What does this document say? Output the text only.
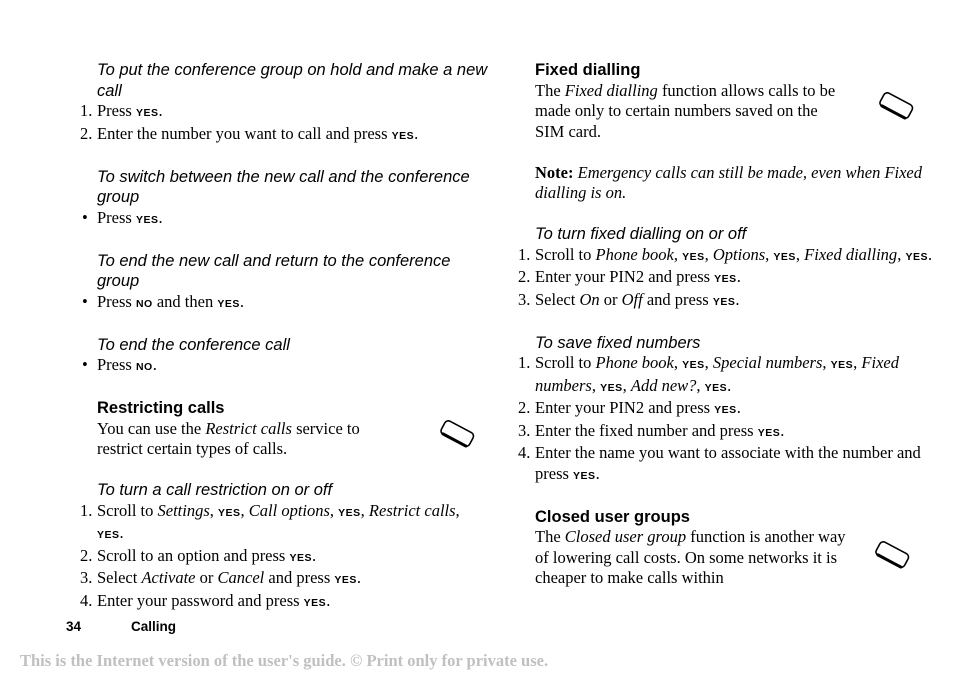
To put the conference group on hold and make a new call
1. Press YES.
2. Enter the number you want to call and press YES.
To switch between the new call and the conference group
• Press YES.
To end the new call and return to the conference group
• Press NO and then YES.
To end the conference call
• Press NO.
Restricting calls
You can use the Restrict calls service to restrict certain types of calls.
To turn a call restriction on or off
1. Scroll to Settings, YES, Call options, YES, Restrict calls, YES.
2. Scroll to an option and press YES.
3. Select Activate or Cancel and press YES.
4. Enter your password and press YES.
Fixed dialling
The Fixed dialling function allows calls to be made only to certain numbers saved on the SIM card.
Note: Emergency calls can still be made, even when Fixed dialling is on.
To turn fixed dialling on or off
1. Scroll to Phone book, YES, Options, YES, Fixed dialling, YES.
2. Enter your PIN2 and press YES.
3. Select On or Off and press YES.
To save fixed numbers
1. Scroll to Phone book, YES, Special numbers, YES, Fixed numbers, YES, Add new?, YES.
2. Enter your PIN2 and press YES.
3. Enter the fixed number and press YES.
4. Enter the name you want to associate with the number and press YES.
Closed user groups
The Closed user group function is another way of lowering call costs. On some networks it is cheaper to make calls within
34	Calling
This is the Internet version of the user's guide. © Print only for private use.
